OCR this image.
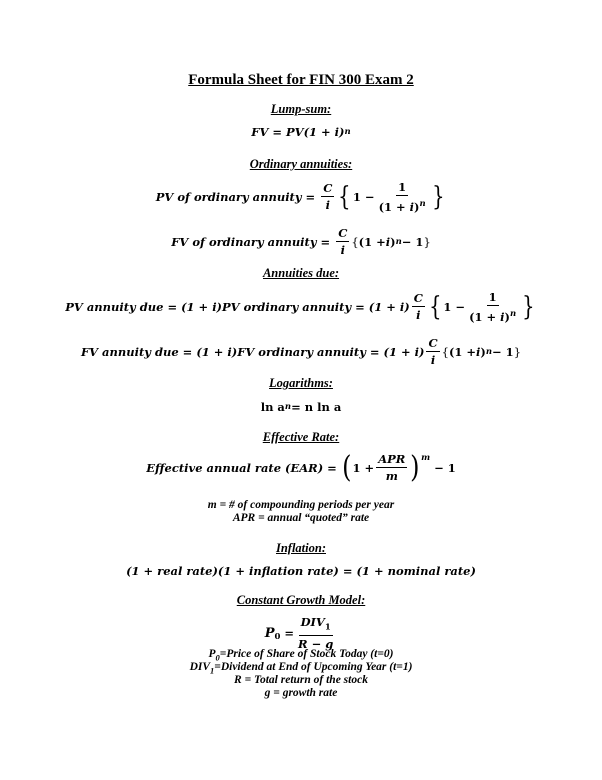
Formula Sheet for FIN 300 Exam 2
Lump-sum:
FV = PV(1 + i) n
Ordinary annuities:
PV of ordinary annuity = $\frac{C}{i}$ { $1 - \frac{1}{(1 + i)^n}$ }
FV of ordinary annuity = $\frac{C}{i}$ { (1 + i ) n − 1 }
Annuities due:
PV annuity due = (1 + i)PV ordinary annuity = $(1 + i) \frac{C}{i}$ { $1 - \frac{1}{(1 + i)^n}$ }
FV annuity due = (1 + i)FV ordinary annuity = $(1 + i) \frac{C}{i}$ { (1 + i ) n − 1 }
Logarithms:
ln a n = n ln a
Effective Rate:
Effective annual rate (EAR) = ( $1 + \frac{\text{APR}}{m} )^m$
− 1
m = # of compounding periods per year
APR = annual “quoted” rate
Inflation:
(1 + real rate)(1 + inflation rate) = (1 + nominal rate)
Constant Growth Model:
$P_0 = \frac{DIV_1}{R - g}$
$P_0=Price$ of Share of Stock Today (t=0)
$DIV_1=Dividend$ at End of Upcoming Year (t=1)
R = Total return of the stock
g = growth rate
